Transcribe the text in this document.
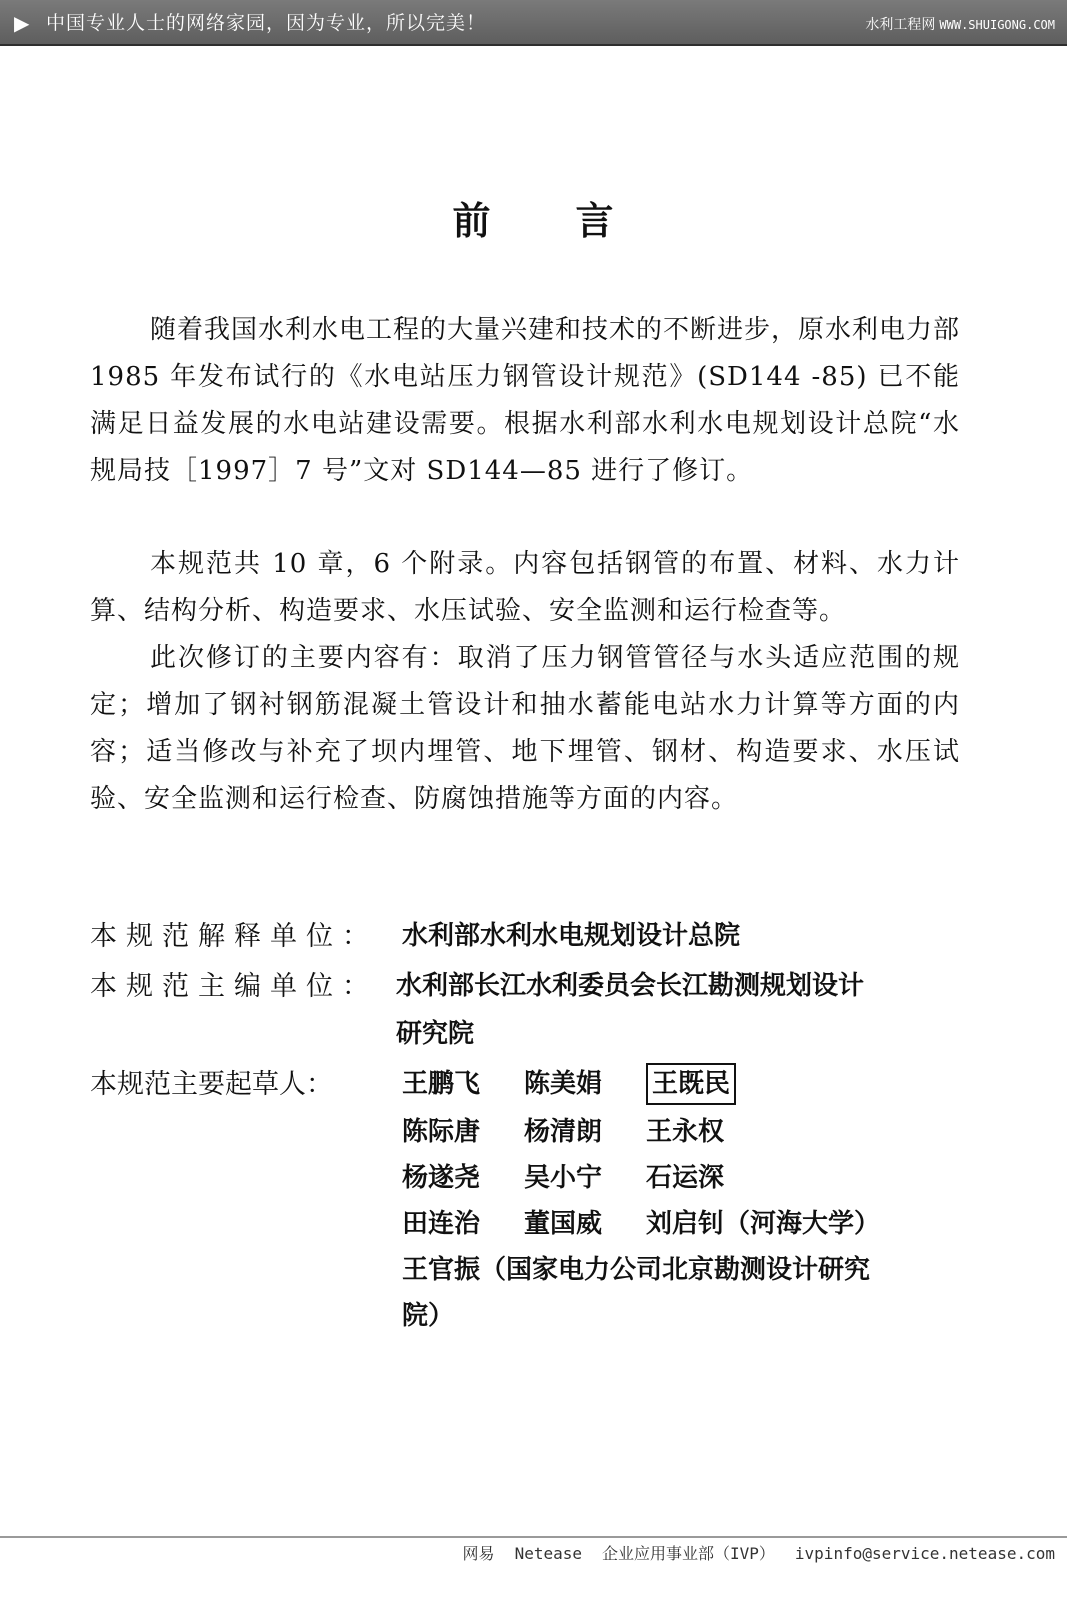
▶ 中国专业人士的网络家园，因为专业，所以完美！	水利工程网 WWW.SHUIGONG.COM
前 言
随着我国水利水电工程的大量兴建和技术的不断进步，原水利电力部 1985 年发布试行的《水电站压力钢管设计规范》(SD144 -85) 已不能满足日益发展的水电站建设需要。根据水利部水利水电规划设计总院“水规局技［1997］7 号”文对 SD144—85 进行了修订。
本规范共 10 章，6 个附录。内容包括钢管的布置、材料、水力计算、结构分析、构造要求、水压试验、安全监测和运行检查等。
此次修订的主要内容有：取消了压力钢管管径与水头适应范围的规定；增加了钢衬钢筋混凝土管设计和抽水蓄能电站水力计算等方面的内容；适当修改与补充了坝内埋管、地下埋管、钢材、构造要求、水压试验、安全监测和运行检查、防腐蚀措施等方面的内容。
本规范解释单位： 水利部水利水电规划设计总院
本规范主编单位： 水利部长江水利委员会长江勘测规划设计
研究院
本规范主要起草人：	王鹏飞 陈美娟 王既民
陈际唐 杨清朗 王永权
杨遂尧 吴小宁 石运深
田连治 董国威 刘启钊（河海大学）
王官振（国家电力公司北京勘测设计研究
院）
网易 Netease 企业应用事业部（IVP） ivpinfo@service.netease.com
